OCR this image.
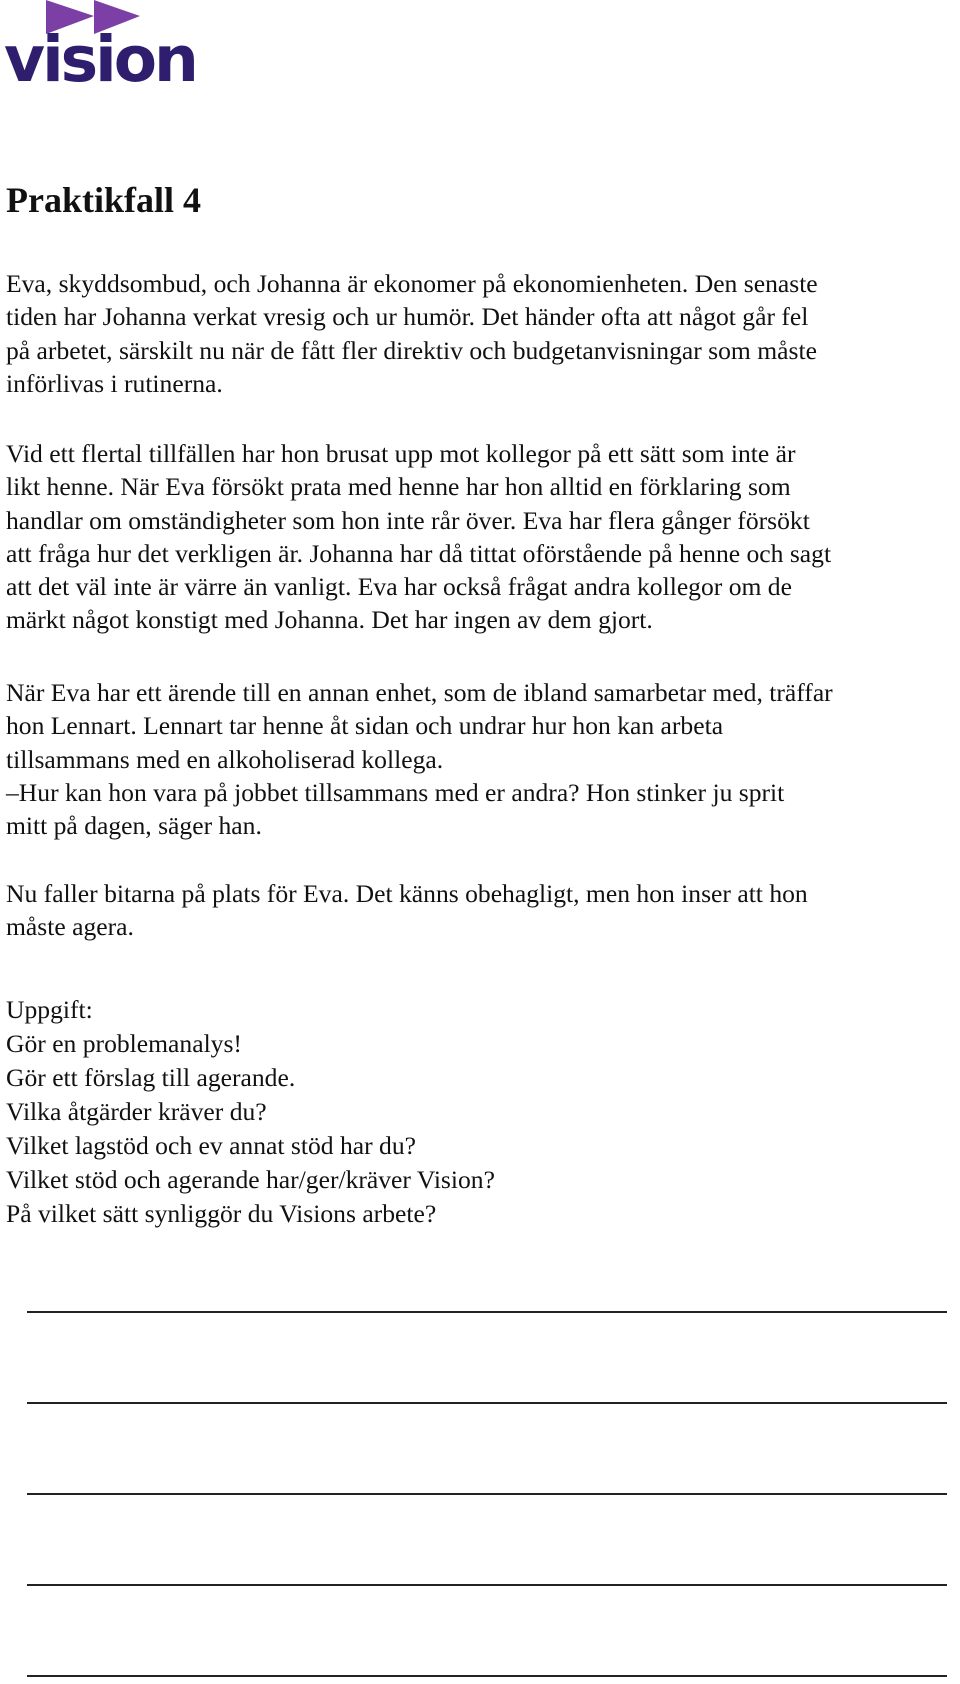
vision
Praktikfall 4

Eva, skyddsombud, och Johanna är ekonomer på ekonomienheten. Den senaste
tiden har Johanna verkat vresig och ur humör. Det händer ofta att något går fel
på arbetet, särskilt nu när de fått fler direktiv och budgetanvisningar som måste
införlivas i rutinerna.

Vid ett flertal tillfällen har hon brusat upp mot kollegor på ett sätt som inte är
likt henne. När Eva försökt prata med henne har hon alltid en förklaring som
handlar om omständigheter som hon inte rår över. Eva har flera gånger försökt
att fråga hur det verkligen är. Johanna har då tittat oförstående på henne och sagt
att det väl inte är värre än vanligt. Eva har också frågat andra kollegor om de
märkt något konstigt med Johanna. Det har ingen av dem gjort.

När Eva har ett ärende till en annan enhet, som de ibland samarbetar med, träffar
hon Lennart. Lennart tar henne åt sidan och undrar hur hon kan arbeta
tillsammans med en alkoholiserad kollega.
–Hur kan hon vara på jobbet tillsammans med er andra? Hon stinker ju sprit
mitt på dagen, säger han.

Nu faller bitarna på plats för Eva. Det känns obehagligt, men hon inser att hon
måste agera.

Uppgift:
Gör en problemanalys!
Gör ett förslag till agerande.
Vilka åtgärder kräver du?
Vilket lagstöd och ev annat stöd har du?
Vilket stöd och agerande har/ger/kräver Vision?
På vilket sätt synliggör du Visions arbete?
